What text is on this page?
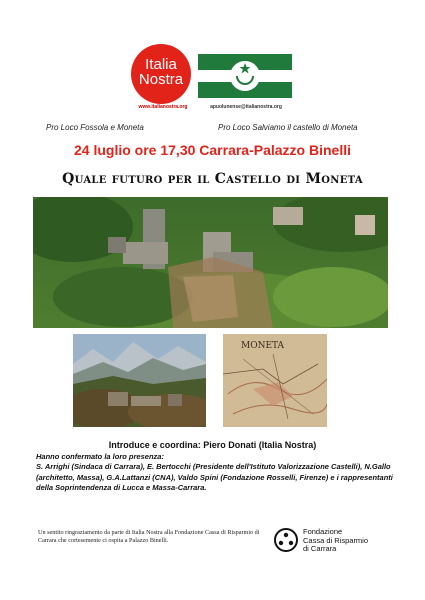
Italia
Nostra
www.italianostra.org	apuolunense@italianostra.org
Pro Loco Fossola e Moneta	Pro Loco Salviamo il castello di Moneta
24 luglio ore 17,30 Carrara-Palazzo Binelli
Quale futuro per il Castello di Moneta
MONETA
Introduce e coordina: Piero Donati (Italia Nostra)
Hanno confermato la loro presenza:
S. Arrighi (Sindaca di Carrara), E. Bertocchi (Presidente dell'Istituto Valorizzazione Castelli), N.Gallo (architetto, Massa), G.A.Lattanzi (CNA), Valdo Spini (Fondazione Rosselli, Firenze) e i rappresentanti della Soprintendenza di Lucca e Massa-Carrara.
Un sentito ringraziamento da parte di Italia Nostra alla Fondazione Cassa di Risparmio di Carrara che cortesemente ci ospita a Palazzo Binelli.
Fondazione
Cassa di Risparmio
di Carrara
